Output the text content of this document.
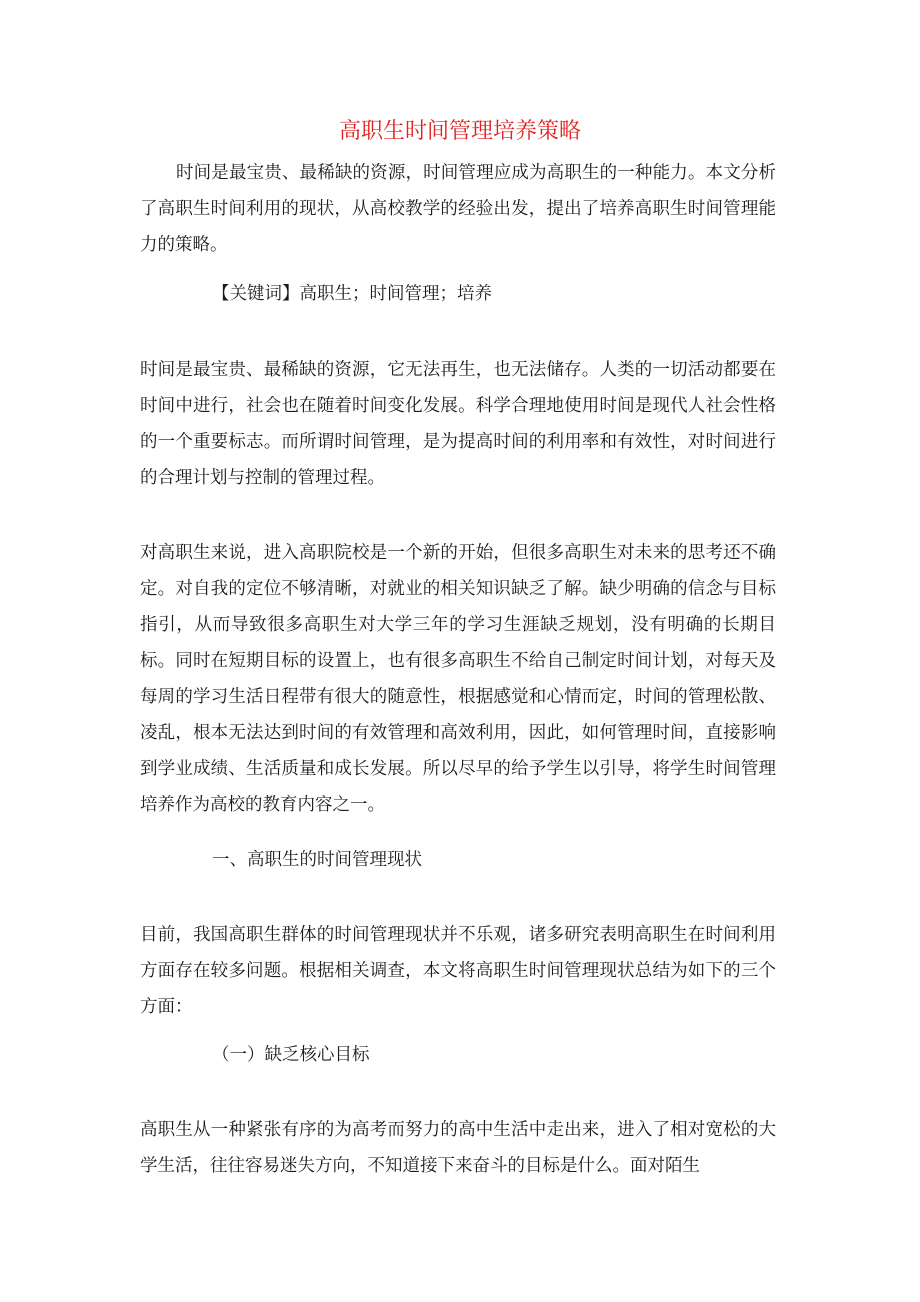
高职生时间管理培养策略

时间是最宝贵、最稀缺的资源，时间管理应成为高职生的一种能力。本文分析了高职生时间利用的现状，从高校教学的经验出发，提出了培养高职生时间管理能力的策略。

【关键词】高职生；时间管理；培养

时间是最宝贵、最稀缺的资源，它无法再生，也无法储存。人类的一切活动都要在时间中进行，社会也在随着时间变化发展。科学合理地使用时间是现代人社会性格的一个重要标志。而所谓时间管理，是为提高时间的利用率和有效性，对时间进行的合理计划与控制的管理过程。

对高职生来说，进入高职院校是一个新的开始，但很多高职生对未来的思考还不确定。对自我的定位不够清晰，对就业的相关知识缺乏了解。缺少明确的信念与目标指引，从而导致很多高职生对大学三年的学习生涯缺乏规划，没有明确的长期目标。同时在短期目标的设置上，也有很多高职生不给自己制定时间计划，对每天及每周的学习生活日程带有很大的随意性，根据感觉和心情而定，时间的管理松散、凌乱，根本无法达到时间的有效管理和高效利用，因此，如何管理时间，直接影响到学业成绩、生活质量和成长发展。所以尽早的给予学生以引导，将学生时间管理培养作为高校的教育内容之一。

一、高职生的时间管理现状

目前，我国高职生群体的时间管理现状并不乐观，诸多研究表明高职生在时间利用方面存在较多问题。根据相关调查，本文将高职生时间管理现状总结为如下的三个方面：

（一）缺乏核心目标

高职生从一种紧张有序的为高考而努力的高中生活中走出来，进入了相对宽松的大学生活，往往容易迷失方向，不知道接下来奋斗的目标是什么。面对陌生
